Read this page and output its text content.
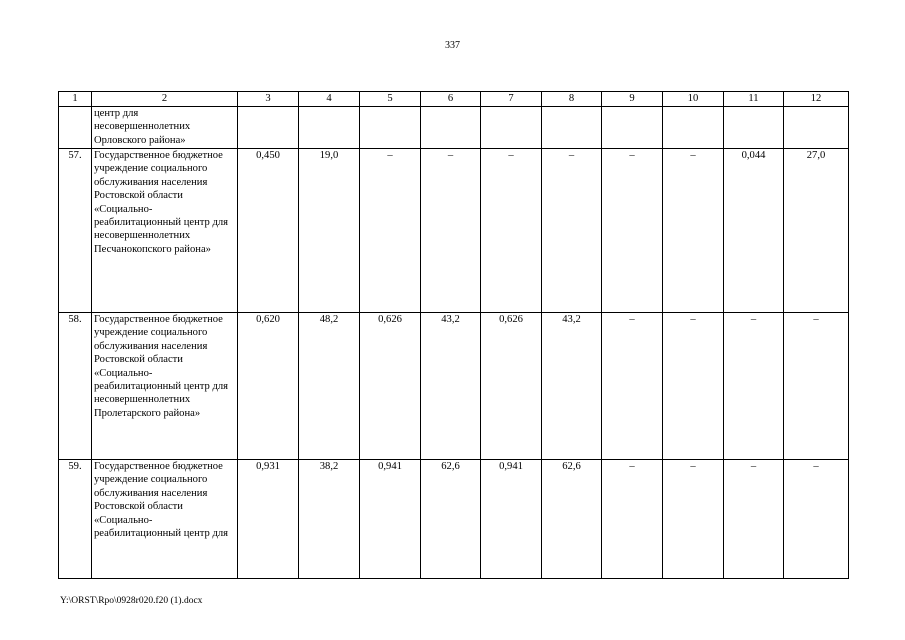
337
1	2	3	4	5	6	7	8	9	10	11	12
	центр для несовершеннолетних Орловского района»										
57.	Государственное бюджетное учреждение социального обслуживания населения Ростовской области «Социально-реабилитационный центр для несовершеннолетних Песчанокопского района»	0,450	19,0	–	–	–	–	–	–	0,044	27,0
58.	Государственное бюджетное учреждение социального обслуживания населения Ростовской области «Социально-реабилитационный центр для несовершеннолетних Пролетарского района»	0,620	48,2	0,626	43,2	0,626	43,2	–	–	–	–
59.	Государственное бюджетное учреждение социального обслуживания населения Ростовской области «Социально-реабилитационный центр для	0,931	38,2	0,941	62,6	0,941	62,6	–	–	–	–
Y:\ORST\Rpo\0928r020.f20 (1).docx
